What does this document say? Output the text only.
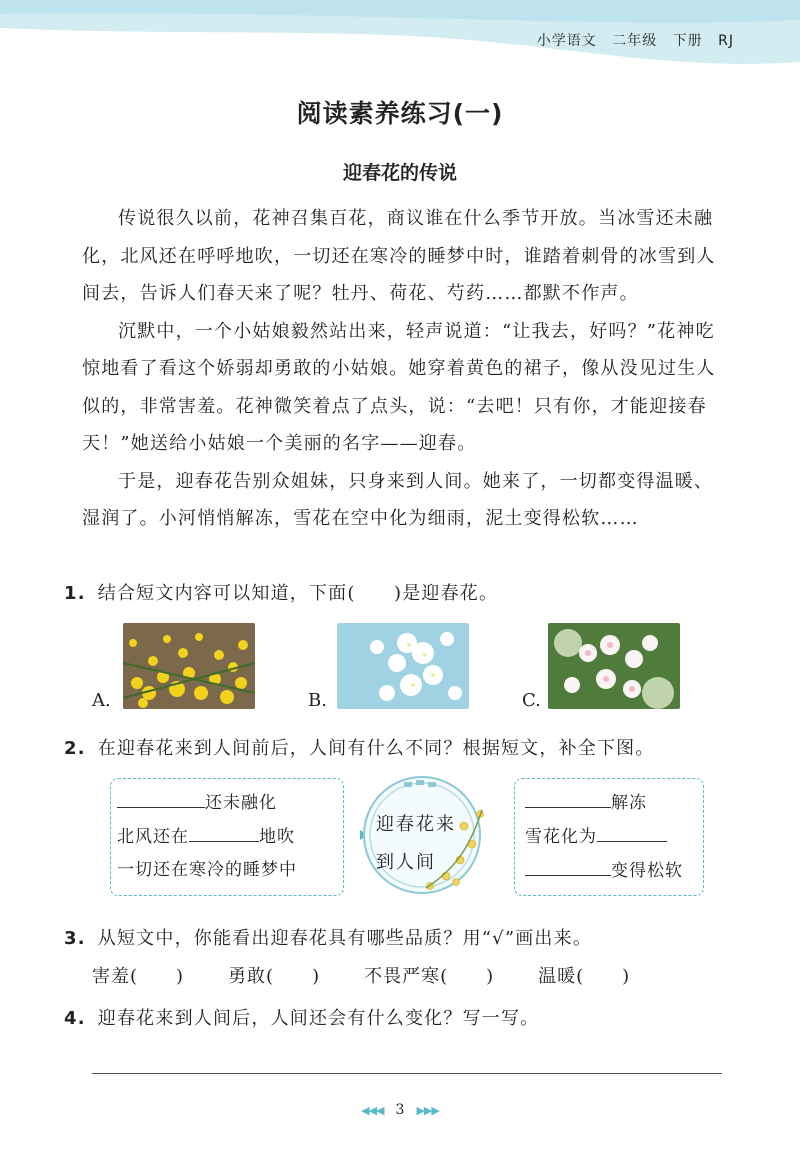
小学语文 二年级 下册 RJ
阅读素养练习(一)
迎春花的传说

传说很久以前，花神召集百花，商议谁在什么季节开放。当冰雪还未融化，北风还在呼呼地吹，一切还在寒冷的睡梦中时，谁踏着刺骨的冰雪到人间去，告诉人们春天来了呢？牡丹、荷花、芍药……都默不作声。

沉默中，一个小姑娘毅然站出来，轻声说道：“让我去，好吗？”花神吃惊地看了看这个娇弱却勇敢的小姑娘。她穿着黄色的裙子，像从没见过生人似的，非常害羞。花神微笑着点了点头，说：“去吧！只有你，才能迎接春天！”她送给小姑娘一个美丽的名字——迎春。

于是，迎春花告别众姐妹，只身来到人间。她来了，一切都变得温暖、湿润了。小河悄悄解冻，雪花在空中化为细雨，泥土变得松软……

1. 结合短文内容可以知道，下面(　　)是迎春花。
A.	B.	C.
2. 在迎春花来到人间前后，人间有什么不同？根据短文，补全下图。
还未融化
北风还在	地吹
一切还在寒冷的睡梦中
迎春花来
到人间
解冻
雪花化为
变得松软
3. 从短文中，你能看出迎春花具有哪些品质？用“√”画出来。
害羞(　　) 勇敢(　　) 不畏严寒(　　) 温暖(　　)
4. 迎春花来到人间后，人间还会有什么变化？写一写。
◀◀◀ 3 ▶▶▶
